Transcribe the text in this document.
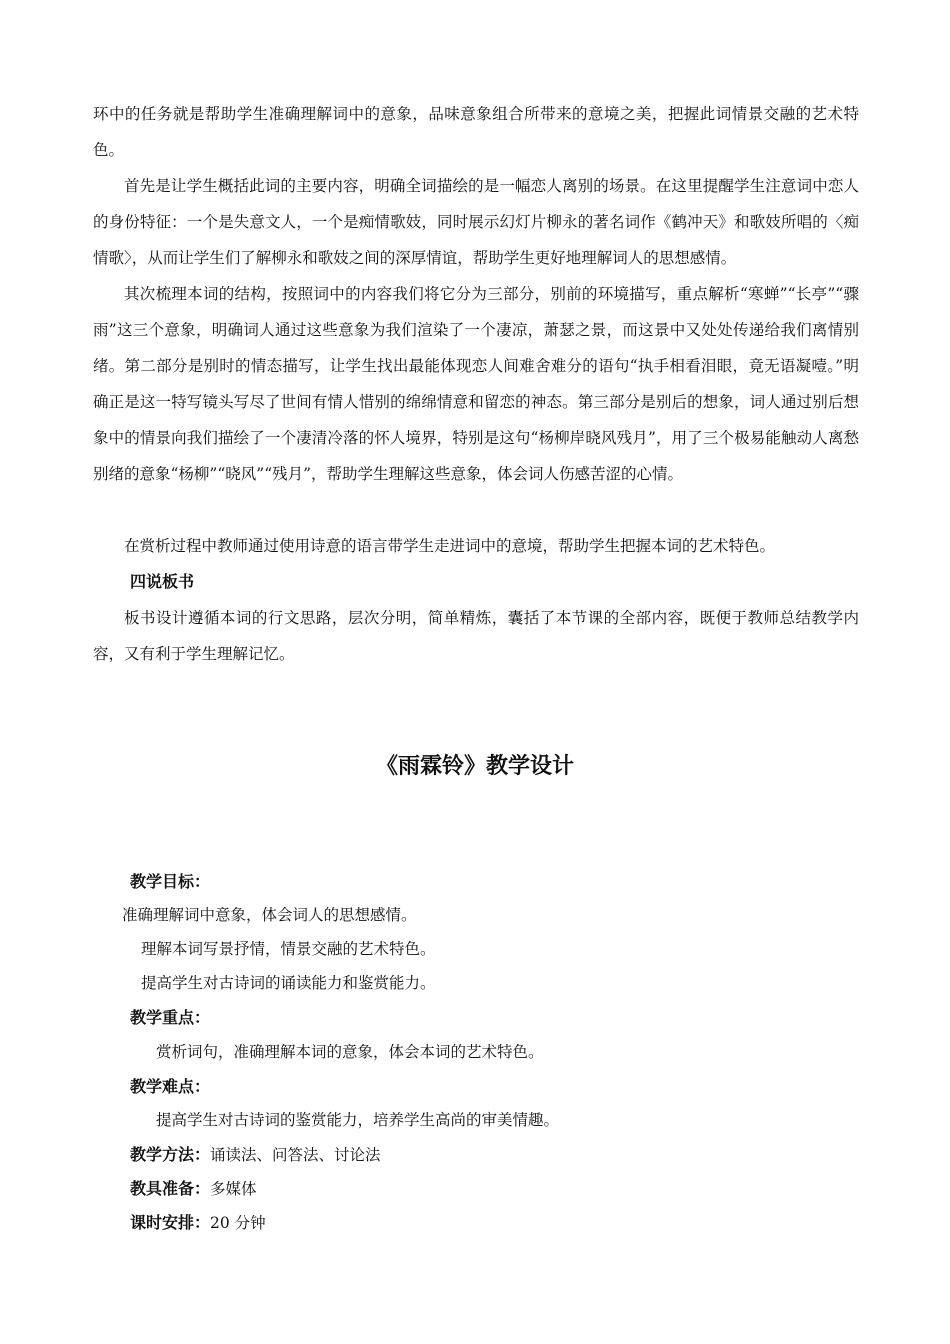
环中的任务就是帮助学生准确理解词中的意象，品味意象组合所带来的意境之美，把握此词情景交融的艺术特色。

首先是让学生概括此词的主要内容，明确全词描绘的是一幅恋人离别的场景。在这里提醒学生注意词中恋人的身份特征：一个是失意文人，一个是痴情歌妓，同时展示幻灯片柳永的著名词作《鹤冲天》和歌妓所唱的〈痴情歌〉，从而让学生们了解柳永和歌妓之间的深厚情谊，帮助学生更好地理解词人的思想感情。

其次梳理本词的结构，按照词中的内容我们将它分为三部分，别前的环境描写，重点解析“寒蝉”“长亭”“骤雨”这三个意象，明确词人通过这些意象为我们渲染了一个凄凉，萧瑟之景，而这景中又处处传递给我们离情别绪。第二部分是别时的情态描写，让学生找出最能体现恋人间难舍难分的语句“执手相看泪眼，竟无语凝噎。”明确正是这一特写镜头写尽了世间有情人惜别的绵绵情意和留恋的神态。第三部分是别后的想象，词人通过别后想象中的情景向我们描绘了一个凄清冷落的怀人境界，特别是这句“杨柳岸晓风残月”，用了三个极易能触动人离愁别绪的意象“杨柳”“晓风”“残月”，帮助学生理解这些意象，体会词人伤感苦涩的心情。

在赏析过程中教师通过使用诗意的语言带学生走进词中的意境，帮助学生把握本词的艺术特色。

四说板书

板书设计遵循本词的行文思路，层次分明，简单精炼，囊括了本节课的全部内容，既便于教师总结教学内容，又有利于学生理解记忆。

《雨霖铃》教学设计

教学目标：

准确理解词中意象，体会词人的思想感情。

理解本词写景抒情，情景交融的艺术特色。

提高学生对古诗词的诵读能力和鉴赏能力。

教学重点：

赏析词句，准确理解本词的意象，体会本词的艺术特色。

教学难点：

提高学生对古诗词的鉴赏能力，培养学生高尚的审美情趣。

教学方法：诵读法、问答法、讨论法

教具准备：多媒体

课时安排：20 分钟
